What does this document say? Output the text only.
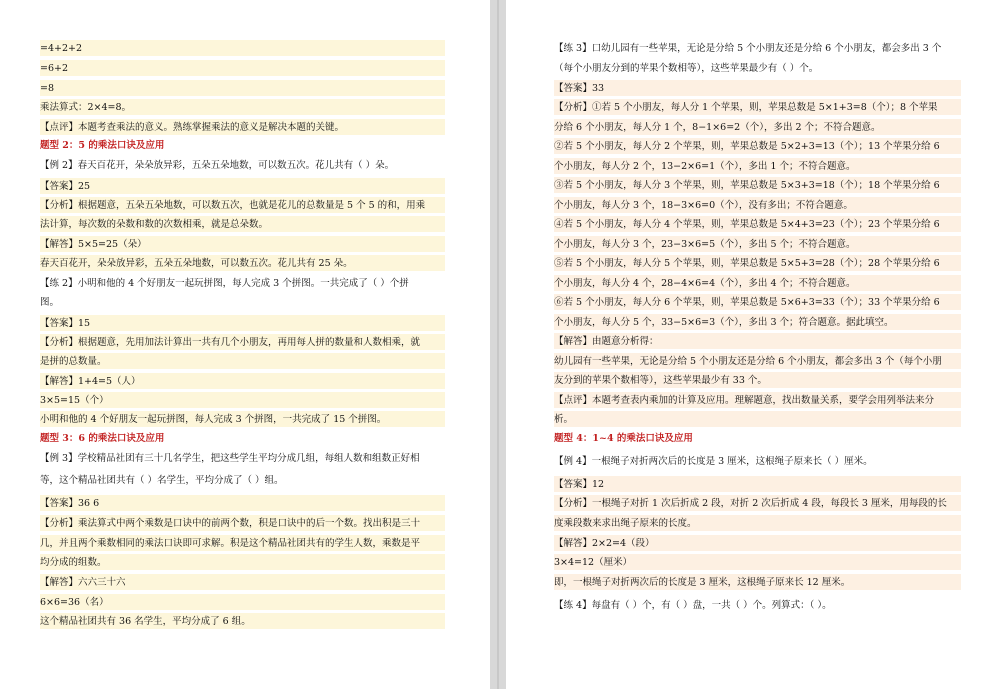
=4+2+2
=6+2
=8
乘法算式：2×4=8。
【点评】本题考查乘法的意义。熟练掌握乘法的意义是解决本题的关键。
题型 2：5 的乘法口诀及应用
【例 2】春天百花开，朵朵放异彩，五朵五朵地数，可以数五次。花儿共有（ ）朵。
【答案】25
【分析】根据题意，五朵五朵地数，可以数五次，也就是花儿的总数量是 5 个 5 的和，用乘
法计算，每次数的朵数和数的次数相乘，就是总朵数。
【解答】5×5=25（朵）
春天百花开，朵朵放异彩，五朵五朵地数，可以数五次。花儿共有 25 朵。
【练 2】小明和他的 4 个好朋友一起玩拼图，每人完成 3 个拼图。一共完成了（ ）个拼
图。
【答案】15
【分析】根据题意，先用加法计算出一共有几个小朋友，再用每人拼的数量和人数相乘，就
是拼的总数量。
【解答】1+4=5（人）
3×5=15（个）
小明和他的 4 个好朋友一起玩拼图，每人完成 3 个拼图，一共完成了 15 个拼图。
题型 3：6 的乘法口诀及应用
【例 3】学校精品社团有三十几名学生，把这些学生平均分成几组，每组人数和组数正好相
等，这个精品社团共有（ ）名学生，平均分成了（ ）组。
【答案】36 6
【分析】乘法算式中两个乘数是口诀中的前两个数，积是口诀中的后一个数。找出积是三十
几，并且两个乘数相同的乘法口诀即可求解。积是这个精品社团共有的学生人数，乘数是平
均分成的组数。
【解答】六六三十六
6×6=36（名）
这个精品社团共有 36 名学生，平均分成了 6 组。
【练 3】口幼儿园有一些苹果，无论是分给 5 个小朋友还是分给 6 个小朋友，都会多出 3 个
（每个小朋友分到的苹果个数相等），这些苹果最少有（ ）个。
【答案】33
【分析】①若 5 个小朋友，每人分 1 个苹果，则，苹果总数是 5×1+3=8（个）；8 个苹果
分给 6 个小朋友，每人分 1 个，8−1×6=2（个），多出 2 个；不符合题意。
②若 5 个小朋友，每人分 2 个苹果，则，苹果总数是 5×2+3=13（个）；13 个苹果分给 6
个小朋友，每人分 2 个，13−2×6=1（个），多出 1 个；不符合题意。
③若 5 个小朋友，每人分 3 个苹果，则，苹果总数是 5×3+3=18（个）；18 个苹果分给 6
个小朋友，每人分 3 个，18−3×6=0（个），没有多出；不符合题意。
④若 5 个小朋友，每人分 4 个苹果，则，苹果总数是 5×4+3=23（个）；23 个苹果分给 6
个小朋友，每人分 3 个，23−3×6=5（个），多出 5 个；不符合题意。
⑤若 5 个小朋友，每人分 5 个苹果，则，苹果总数是 5×5+3=28（个）；28 个苹果分给 6
个小朋友，每人分 4 个，28−4×6=4（个），多出 4 个；不符合题意。
⑥若 5 个小朋友，每人分 6 个苹果，则，苹果总数是 5×6+3=33（个）；33 个苹果分给 6
个小朋友，每人分 5 个，33−5×6=3（个），多出 3 个；符合题意。据此填空。
【解答】由题意分析得：
幼儿园有一些苹果，无论是分给 5 个小朋友还是分给 6 个小朋友，都会多出 3 个（每个小朋
友分到的苹果个数相等），这些苹果最少有 33 个。
【点评】本题考查表内乘加的计算及应用。理解题意，找出数量关系，要学会用列举法来分
析。
题型 4：1~4 的乘法口诀及应用
【例 4】一根绳子对折两次后的长度是 3 厘米，这根绳子原来长（ ）厘米。
【答案】12
【分析】一根绳子对折 1 次后折成 2 段，对折 2 次后折成 4 段，每段长 3 厘米，用每段的长
度乘段数来求出绳子原来的长度。
【解答】2×2=4（段）
3×4=12（厘米）
即，一根绳子对折两次后的长度是 3 厘米，这根绳子原来长 12 厘米。
【练 4】每盘有（ ）个，有（ ）盘，一共（ ）个。列算式：（ ）。
